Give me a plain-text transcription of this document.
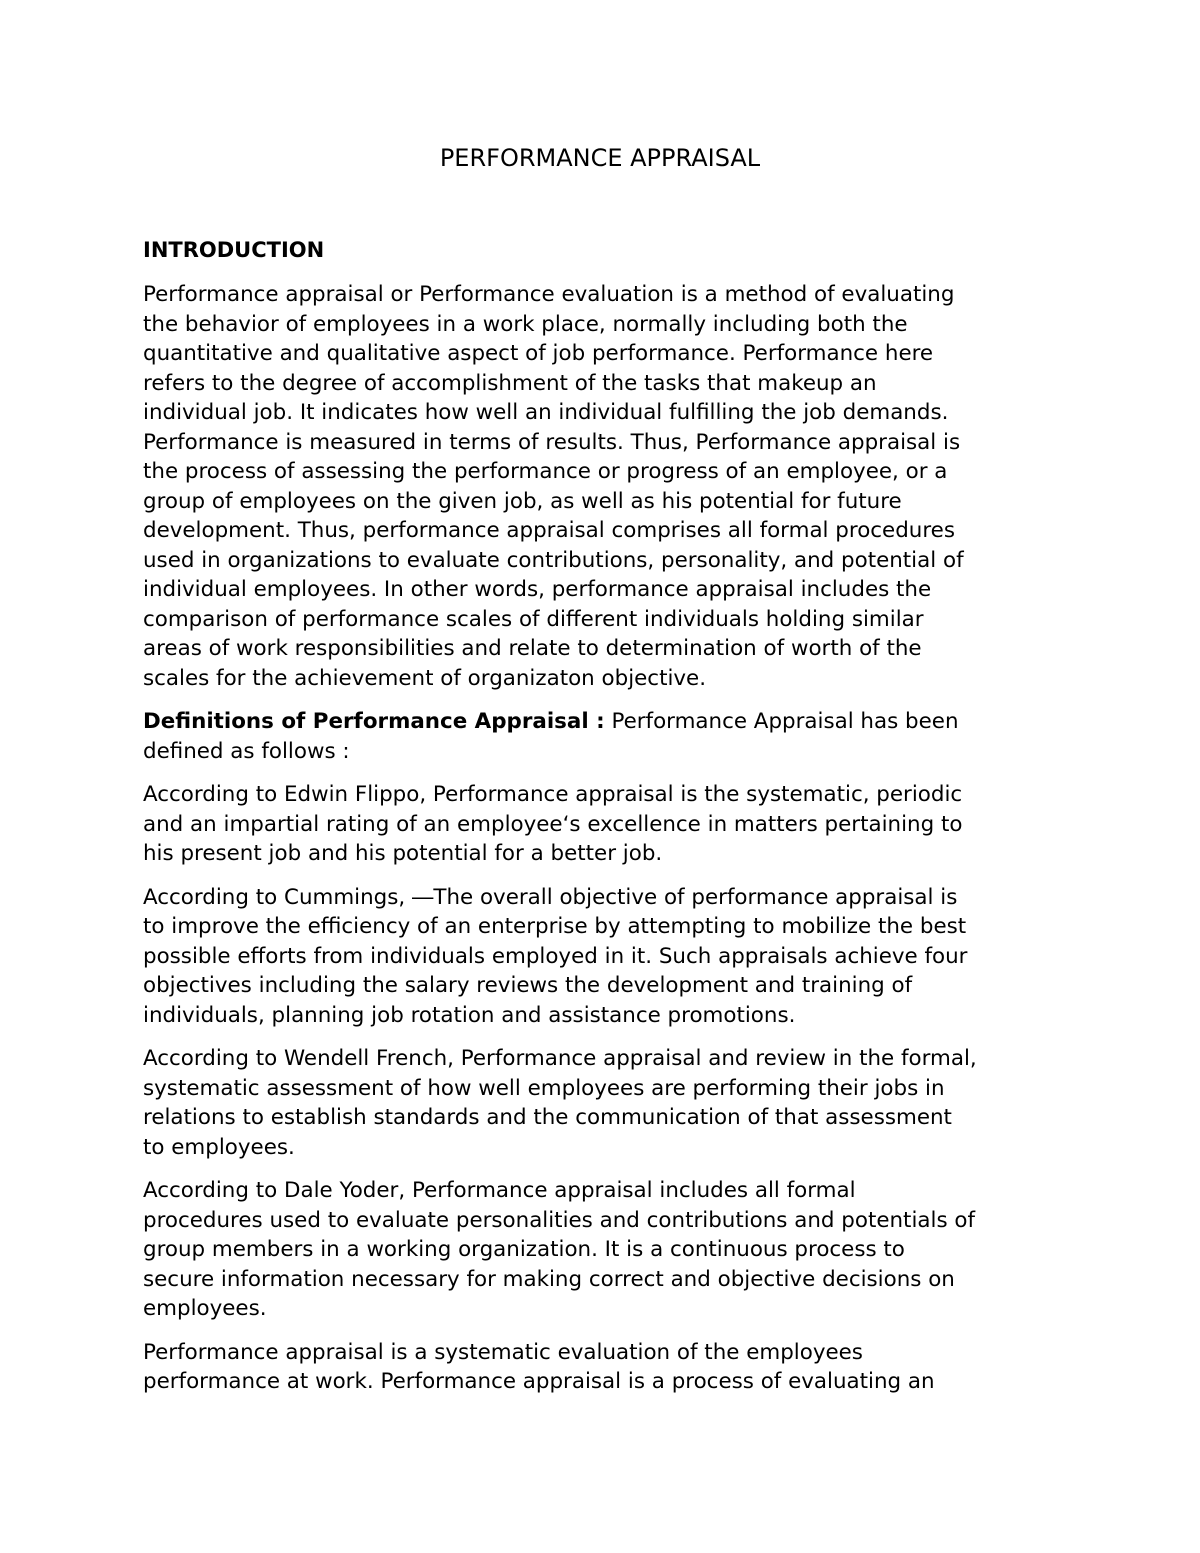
PERFORMANCE APPRAISAL
INTRODUCTION

Performance appraisal or Performance evaluation is a method of evaluating
the behavior of employees in a work place, normally including both the
quantitative and qualitative aspect of job performance. Performance here
refers to the degree of accomplishment of the tasks that makeup an
individual job. It indicates how well an individual fulfilling the job demands.
Performance is measured in terms of results. Thus, Performance appraisal is
the process of assessing the performance or progress of an employee, or a
group of employees on the given job, as well as his potential for future
development. Thus, performance appraisal comprises all formal procedures
used in organizations to evaluate contributions, personality, and potential of
individual employees. In other words, performance appraisal includes the
comparison of performance scales of different individuals holding similar
areas of work responsibilities and relate to determination of worth of the
scales for the achievement of organizaton objective.

Definitions of Performance Appraisal : Performance Appraisal has been
defined as follows :

According to Edwin Flippo, Performance appraisal is the systematic, periodic
and an impartial rating of an employee‘s excellence in matters pertaining to
his present job and his potential for a better job.

According to Cummings, ―The overall objective of performance appraisal is
to improve the efficiency of an enterprise by attempting to mobilize the best
possible efforts from individuals employed in it. Such appraisals achieve four
objectives including the salary reviews the development and training of
individuals, planning job rotation and assistance promotions.

According to Wendell French, Performance appraisal and review in the formal,
systematic assessment of how well employees are performing their jobs in
relations to establish standards and the communication of that assessment
to employees.

According to Dale Yoder, Performance appraisal includes all formal
procedures used to evaluate personalities and contributions and potentials of
group members in a working organization. It is a continuous process to
secure information necessary for making correct and objective decisions on
employees.

Performance appraisal is a systematic evaluation of the employees
performance at work. Performance appraisal is a process of evaluating an
